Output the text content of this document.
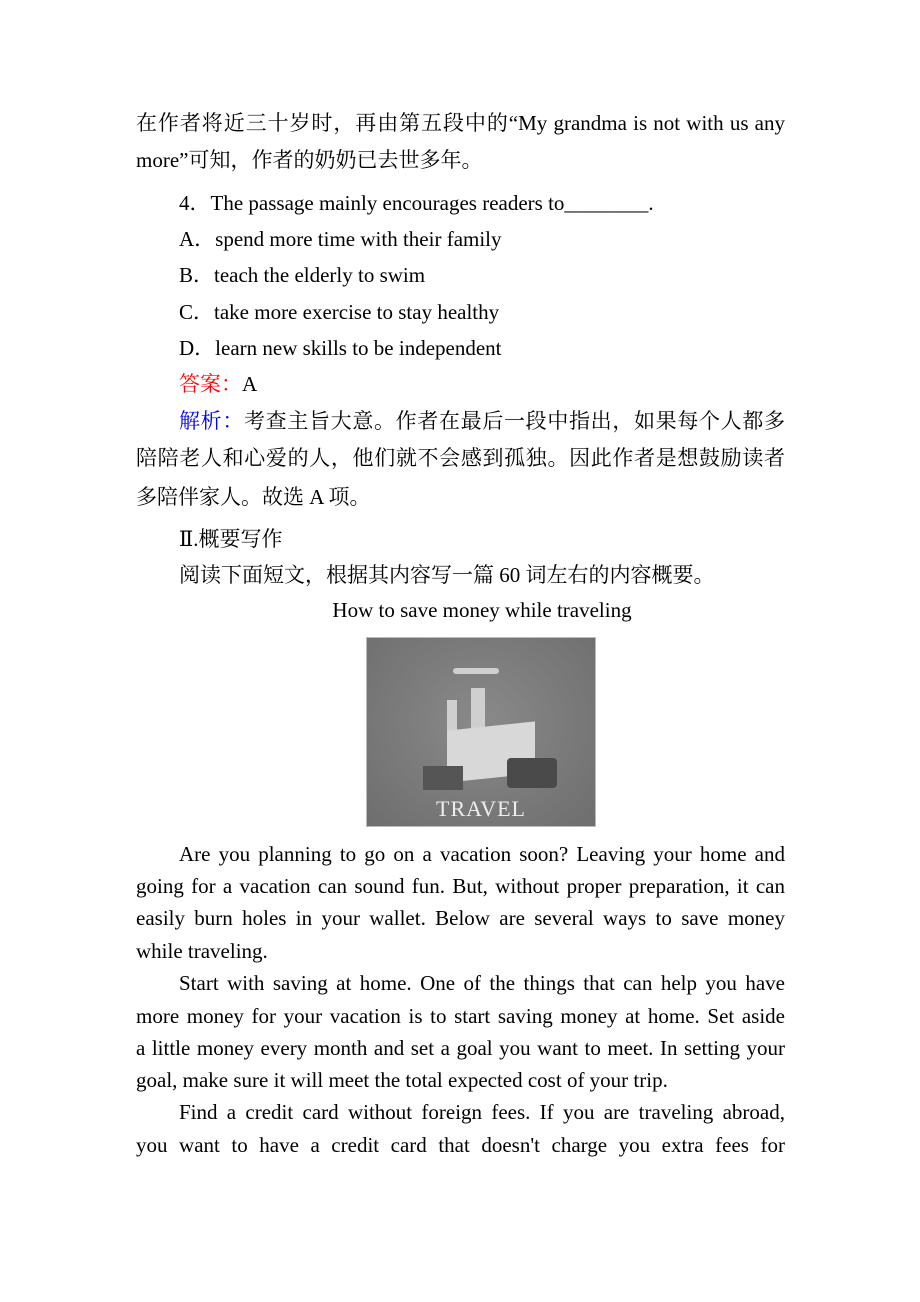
在作者将近三十岁时，再由第五段中的“My grandma is not with us any
more”可知，作者的奶奶已去世多年。
4．The passage mainly encourages readers to________.
A．spend more time with their family
B．teach the elderly to swim
C．take more exercise to stay healthy
D．learn new skills to be independent
答案：A
解析：考查主旨大意。作者在最后一段中指出，如果每个人都多
陪陪老人和心爱的人，他们就不会感到孤独。因此作者是想鼓励读者
多陪伴家人。故选 A 项。
Ⅱ.概要写作
阅读下面短文，根据其内容写一篇 60 词左右的内容概要。
How to save money while traveling
TRAVEL
Are you planning to go on a vacation soon? Leaving your home and
going for a vacation can sound fun. But, without proper preparation, it can
easily burn holes in your wallet. Below are several ways to save money
while traveling.
Start with saving at home. One of the things that can help you have
more money for your vacation is to start saving money at home. Set aside
a little money every month and set a goal you want to meet. In setting your
goal, make sure it will meet the total expected cost of your trip.
Find a credit card without foreign fees. If you are traveling abroad,
you want to have a credit card that doesn't charge you extra fees for
